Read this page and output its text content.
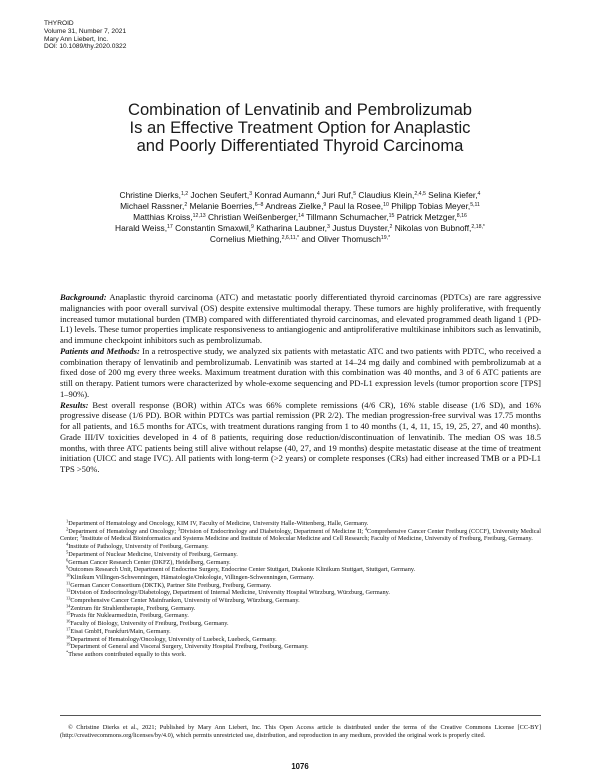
THYROID
Volume 31, Number 7, 2021
Mary Ann Liebert, Inc.
DOI: 10.1089/thy.2020.0322
Combination of Lenvatinib and Pembrolizumab
Is an Effective Treatment Option for Anaplastic
and Poorly Differentiated Thyroid Carcinoma
Christine Dierks,$^{1,2}$ Jochen Seufert,$^3$ Konrad Aumann,$^4$ Juri Ruf,$^5$ Claudius Klein,$^{2,4,5}$ Selina Kiefer,$^4$
Michael Rassner,$^2$ Melanie Boerries,$^{6-8}$ Andreas Zielke,$^9$ Paul la Rosee,$^{10}$ Philipp Tobias Meyer,$^{5,11}$
Matthias Kroiss,$^{12,13}$ Christian Weißenberger,$^{14}$ Tillmann Schumacher,$^{15}$ Patrick Metzger,$^{8,16}$
Harald Weiss,$^{17}$ Constantin Smaxwil,$^9$ Katharina Laubner,$^3$ Justus Duyster,$^2$ Nikolas von Bubnoff,$^{2,18,*}$
Cornelius Miething,$^{2,6,11,*}$ and Oliver Thomusch$^{19,*}$

Background: Anaplastic thyroid carcinoma (ATC) and metastatic poorly differentiated thyroid carcinomas (PDTCs) are rare aggressive malignancies with poor overall survival (OS) despite extensive multimodal therapy. These tumors are highly proliferative, with frequently increased tumor mutational burden (TMB) compared with differentiated thyroid carcinomas, and elevated programmed death ligand 1 (PD-L1) levels. These tumor properties implicate responsiveness to antiangiogenic and antiproliferative multikinase inhibitors such as lenvatinib, and immune checkpoint inhibitors such as pembrolizumab.

Patients and Methods: In a retrospective study, we analyzed six patients with metastatic ATC and two patients with PDTC, who received a combination therapy of lenvatinib and pembrolizumab. Lenvatinib was started at 14–24 mg daily and combined with pembrolizumab at a fixed dose of 200 mg every three weeks. Maximum treatment duration with this combination was 40 months, and 3 of 6 ATC patients are still on therapy. Patient tumors were characterized by whole-exome sequencing and PD-L1 expression levels (tumor proportion score [TPS] 1–90%).

Results: Best overall response (BOR) within ATCs was 66% complete remissions (4/6 CR), 16% stable disease (1/6 SD), and 16% progressive disease (1/6 PD). BOR within PDTCs was partial remission (PR 2/2). The median progression-free survival was 17.75 months for all patients, and 16.5 months for ATCs, with treatment durations ranging from 1 to 40 months (1, 4, 11, 15, 19, 25, 27, and 40 months). Grade III/IV toxicities developed in 4 of 8 patients, requiring dose reduction/discontinuation of lenvatinib. The median OS was 18.5 months, with three ATC patients being still alive without relapse (40, 27, and 19 months) despite metastatic disease at the time of treatment initiation (UICC and stage IVC). All patients with long-term (>2 years) or complete responses (CRs) had either increased TMB or a PD-L1 TPS >50%.

$^1$Department of Hematology and Oncology, KIM IV, Faculty of Medicine, University Halle-Wittenberg, Halle, Germany.
$^2$Department of Hematology and Oncology; $^3$Division of Endocrinology and Diabetology, Department of Medicine II; $^4$Comprehensive Cancer Center Freiburg (CCCF), University Medical Center; $^5$Institute of Medical Bioinformatics and Systems Medicine and Institute of Molecular Medicine and Cell Research; Faculty of Medicine, University of Freiburg, Freiburg, Germany.
$^4$Institute of Pathology, University of Freiburg, Germany.
$^5$Department of Nuclear Medicine, University of Freiburg, Germany.
$^6$German Cancer Research Center (DKFZ), Heidelberg, Germany.
$^9$Outcomes Research Unit, Department of Endocrine Surgery, Endocrine Center Stuttgart, Diakonie Klinikum Stuttgart, Stuttgart, Germany.
$^{10}$Klinikum Villingen-Schwenningen, Hämatologie/Onkologie, Villingen-Schwenningen, Germany.
$^{11}$German Cancer Consortium (DKTK), Partner Site Freiburg, Freiburg, Germany.
$^{12}$Division of Endocrinology/Diabetology, Department of Internal Medicine, University Hospital Würzburg, Würzburg, Germany.
$^{13}$Comprehensive Cancer Center Mainfranken, University of Würzburg, Würzburg, Germany.
$^{14}$Zentrum für Strahlentherapie, Freiburg, Germany.
$^{15}$Praxis für Nuklearmedizin, Freiburg, Germany.
$^{16}$Faculty of Biology, University of Freiburg, Freiburg, Germany.
$^{17}$Eisai GmbH, Frankfurt/Main, Germany.
$^{18}$Department of Hematology/Oncology, University of Luebeck, Luebeck, Germany.
$^{19}$Department of General and Visceral Surgery, University Hospital Freiburg, Freiburg, Germany.
*These authors contributed equally to this work.
© Christine Dierks et al., 2021; Published by Mary Ann Liebert, Inc. This Open Access article is distributed under the terms of the Creative Commons License [CC-BY] (http://creativecommons.org/licenses/by/4.0), which permits unrestricted use, distribution, and reproduction in any medium, provided the original work is properly cited.
1076
